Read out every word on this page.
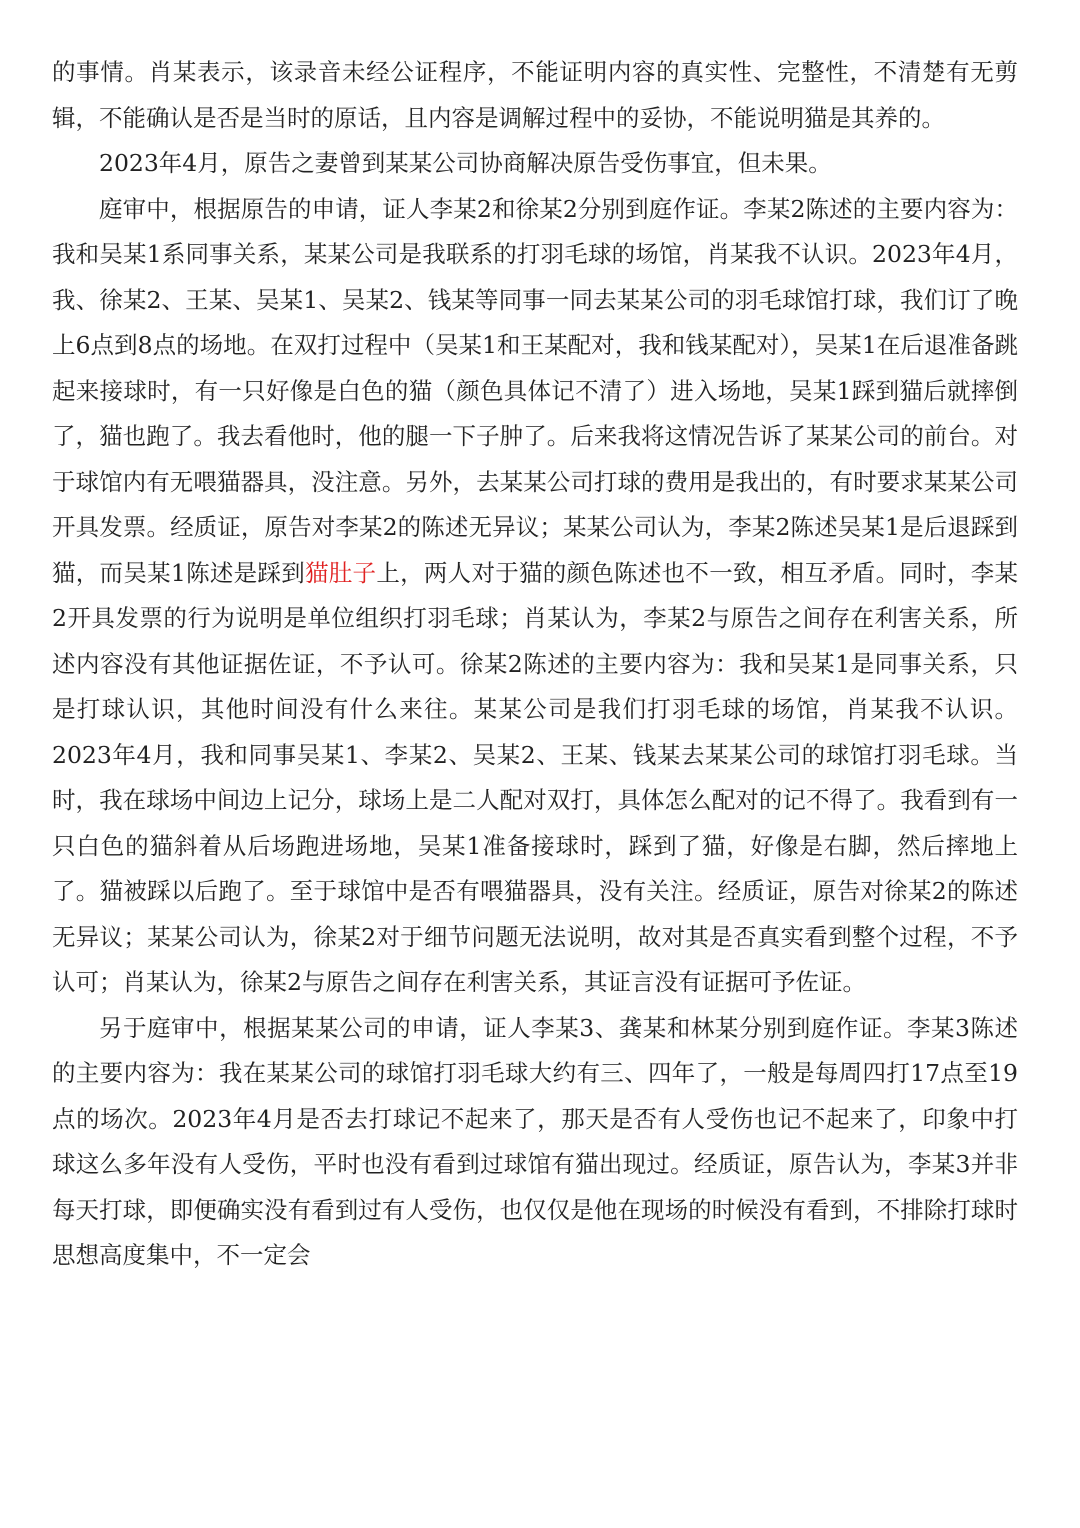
的事情。肖某表示，该录音未经公证程序，不能证明内容的真实性、完整性，不清楚有无剪辑，不能确认是否是当时的原话，且内容是调解过程中的妥协，不能说明猫是其养的。

2023年4月，原告之妻曾到某某公司协商解决原告受伤事宜，但未果。

庭审中，根据原告的申请，证人李某2和徐某2分别到庭作证。李某2陈述的主要内容为：我和吴某1系同事关系，某某公司是我联系的打羽毛球的场馆，肖某我不认识。2023年4月，我、徐某2、王某、吴某1、吴某2、钱某等同事一同去某某公司的羽毛球馆打球，我们订了晚上6点到8点的场地。在双打过程中（吴某1和王某配对，我和钱某配对），吴某1在后退准备跳起来接球时，有一只好像是白色的猫（颜色具体记不清了）进入场地，吴某1踩到猫后就摔倒了，猫也跑了。我去看他时，他的腿一下子肿了。后来我将这情况告诉了某某公司的前台。对于球馆内有无喂猫器具，没注意。另外，去某某公司打球的费用是我出的，有时要求某某公司开具发票。经质证，原告对李某2的陈述无异议；某某公司认为，李某2陈述吴某1是后退踩到猫，而吴某1陈述是踩到猫肚子上，两人对于猫的颜色陈述也不一致，相互矛盾。同时，李某2开具发票的行为说明是单位组织打羽毛球；肖某认为，李某2与原告之间存在利害关系，所述内容没有其他证据佐证，不予认可。徐某2陈述的主要内容为：我和吴某1是同事关系，只是打球认识，其他时间没有什么来往。某某公司是我们打羽毛球的场馆，肖某我不认识。2023年4月，我和同事吴某1、李某2、吴某2、王某、钱某去某某公司的球馆打羽毛球。当时，我在球场中间边上记分，球场上是二人配对双打，具体怎么配对的记不得了。我看到有一只白色的猫斜着从后场跑进场地，吴某1准备接球时，踩到了猫，好像是右脚，然后摔地上了。猫被踩以后跑了。至于球馆中是否有喂猫器具，没有关注。经质证，原告对徐某2的陈述无异议；某某公司认为，徐某2对于细节问题无法说明，故对其是否真实看到整个过程，不予认可；肖某认为，徐某2与原告之间存在利害关系，其证言没有证据可予佐证。

另于庭审中，根据某某公司的申请，证人李某3、龚某和林某分别到庭作证。李某3陈述的主要内容为：我在某某公司的球馆打羽毛球大约有三、四年了，一般是每周四打17点至19点的场次。2023年4月是否去打球记不起来了，那天是否有人受伤也记不起来了，印象中打球这么多年没有人受伤，平时也没有看到过球馆有猫出现过。经质证，原告认为，李某3并非每天打球，即便确实没有看到过有人受伤，也仅仅是他在现场的时候没有看到，不排除打球时思想高度集中，不一定会
